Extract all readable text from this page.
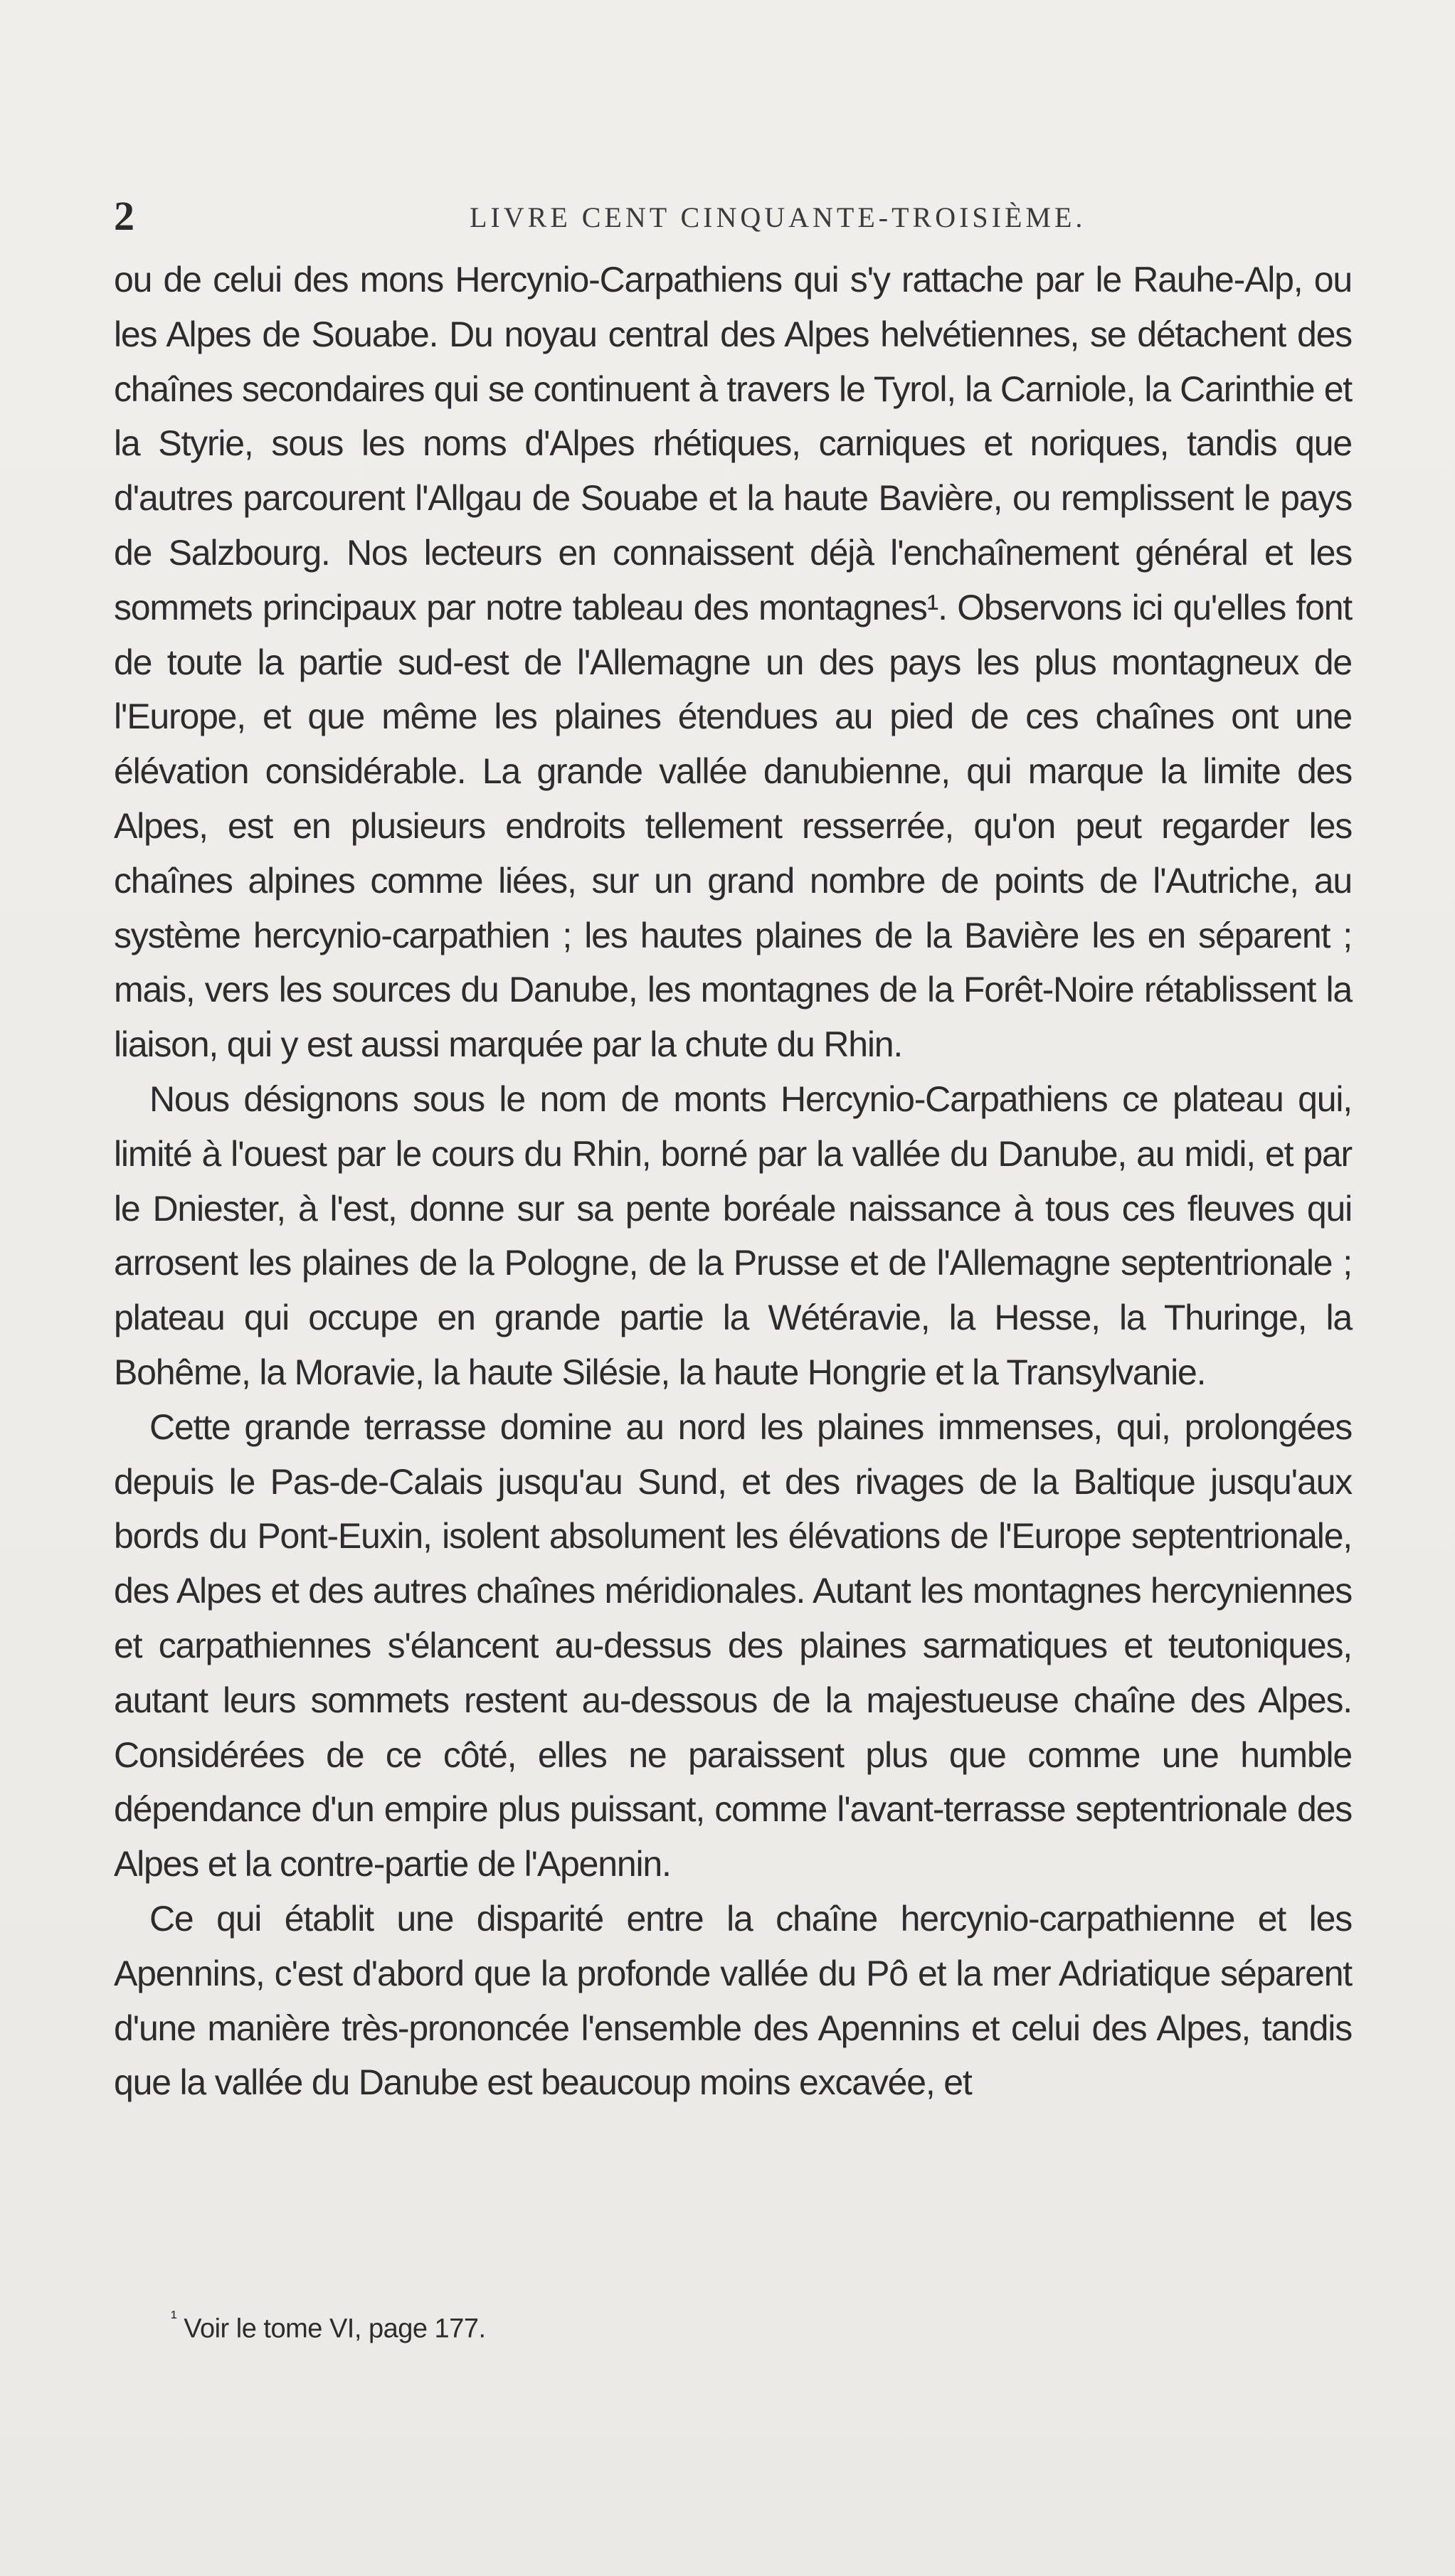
2	LIVRE CENT CINQUANTE-TROISIÈME.

ou de celui des mons Hercynio-Carpathiens qui s'y rattache par le Rauhe-Alp, ou les Alpes de Souabe. Du noyau central des Alpes helvétiennes, se détachent des chaînes secondaires qui se continuent à travers le Tyrol, la Carniole, la Carinthie et la Styrie, sous les noms d'Alpes rhétiques, carniques et noriques, tandis que d'autres parcourent l'Allgau de Souabe et la haute Bavière, ou remplissent le pays de Salzbourg. Nos lecteurs en connaissent déjà l'enchaînement général et les sommets principaux par notre tableau des montagnes¹. Observons ici qu'elles font de toute la partie sud-est de l'Allemagne un des pays les plus montagneux de l'Europe, et que même les plaines étendues au pied de ces chaînes ont une élévation considérable. La grande vallée danubienne, qui marque la limite des Alpes, est en plusieurs endroits tellement resserrée, qu'on peut regarder les chaînes alpines comme liées, sur un grand nombre de points de l'Autriche, au système hercynio-carpathien ; les hautes plaines de la Bavière les en séparent ; mais, vers les sources du Danube, les montagnes de la Forêt-Noire rétablissent la liaison, qui y est aussi marquée par la chute du Rhin.

Nous désignons sous le nom de monts Hercynio-Carpathiens ce plateau qui, limité à l'ouest par le cours du Rhin, borné par la vallée du Danube, au midi, et par le Dniester, à l'est, donne sur sa pente boréale naissance à tous ces fleuves qui arrosent les plaines de la Pologne, de la Prusse et de l'Allemagne septentrionale ; plateau qui occupe en grande partie la Wétéravie, la Hesse, la Thuringe, la Bohême, la Moravie, la haute Silésie, la haute Hongrie et la Transylvanie.

Cette grande terrasse domine au nord les plaines immenses, qui, prolongées depuis le Pas-de-Calais jusqu'au Sund, et des rivages de la Baltique jusqu'aux bords du Pont-Euxin, isolent absolument les élévations de l'Europe septentrionale, des Alpes et des autres chaînes méridionales. Autant les montagnes hercyniennes et carpathiennes s'élancent au-dessus des plaines sarmatiques et teutoniques, autant leurs sommets restent au-dessous de la majestueuse chaîne des Alpes. Considérées de ce côté, elles ne paraissent plus que comme une humble dépendance d'un empire plus puissant, comme l'avant-terrasse septentrionale des Alpes et la contre-partie de l'Apennin.

Ce qui établit une disparité entre la chaîne hercynio-carpathienne et les Apennins, c'est d'abord que la profonde vallée du Pô et la mer Adriatique séparent d'une manière très-prononcée l'ensemble des Apennins et celui des Alpes, tandis que la vallée du Danube est beaucoup moins excavée, et

$^{^1}$ Voir le tome VI, page 177.
